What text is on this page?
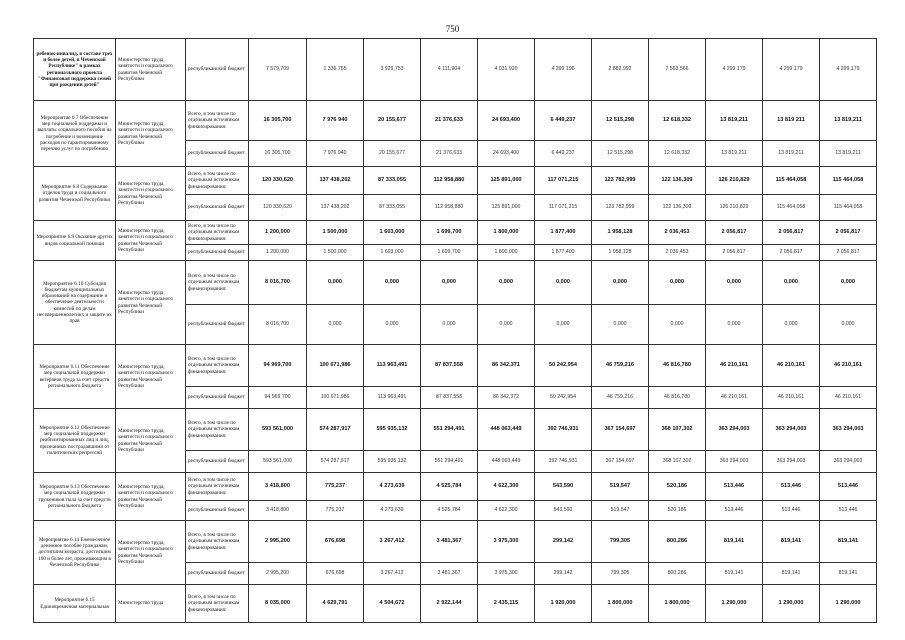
750
ребенок-инвалид, в составе трех и более детей, в Чеченской Республике" в рамках регионального проекта "Финансовая поддержка семей при рождении детей"	Министерство труда, занятости и социального развития Чеченской Республики	республиканский бюджет	7 579,709	1 336 765	3 929,753	4 111,904	4 031 920	4 299 196	2 882,992	7 563,566	4 299 179	4 299 179	4 299,179
Мероприятие 6.7 Обеспечение мер социальной поддержки и выплаты социального пособия на погребение и возмещение расходов по гарантированному перечню услуг по погребению	Министерство труда, занятости и социального развития Чеченской Республики	Всего, в том числе по отдельным источникам финансирования:	16 305,700	7 976 940	20 155,677	21 376,633	24 693,400	6 449,237	12 515,298	12 618,332	13 819,211	13 819 211	13 819,211
		республиканский бюджет	16 305,700	7 976 940	20 155,677	21 376,633	24 693,400	6 449,237	12 515,298	12 618,332	13 819,211	13 819,211	13 819,211
Мероприятие 6.8 Содержание отделов труда и социального развития Чеченской Республики	Министерство труда, занятости и социального развития Чеченской Республики	Всего, в том числе по отдельным источникам финансирования:	120 330,620	137 438,202	87 333,055	112 958,880	125 891,000	117 071,215	123 782,999	122 136,309	126 210,829	115 464,058	115 464,058
		республиканский бюджет	120 330,620	137 438,202	87 333,055	112 958,880	125 891,000	117 071,215	123 782,999	122 136,309	126 210,829	115 464,058	115 464,058
Мероприятие 6.9 Оказание других видов социальной помощи	Министерство труда, занятости и социального развития Чеченской Республики	Всего, в том числе по отдельным источникам финансирования:	1 200,000	1 500,000	1 603,000	1 699,700	1 800,000	1 877,400	1 958,128	2 036,453	2 056,817	2 056,817	2 056,817
		республиканский бюджет	1 200,000	1 500,000	1 603,000	1 699,700	1 800,000	1 877,400	1 958,128	2 036,453	2 056,817	2 056,817	2 056,817
Мероприятие 6.10 Субсидия бюджетам муниципальных образований на содержание и обеспечение деятельности комиссий по делам несовершеннолетних и защите их прав	Министерство труда, занятости и социального развития Чеченской Республики	Всего, в том числе по отдельным источникам финансирования:	8 016,700	0,000	0,000	0,000	0,000	0,000	0,000	0,000	0,000	0,000	0,000
		республиканский бюджет	8 016,700	0,000	0,000	0,000	0,000	0,000	0,000	0,000	0,000	0,000	0,000
Мероприятие 6.11 Обеспечение мер социальной поддержки ветеранов труда за счет средств регионального бюджета	Министерство труда, занятости и социального развития Чеченской Республики	Всего, в том числе по отдельным источникам финансирования:	94 969,700	100 671,986	113 963,491	87 837,558	86 342,371	50 242,954	46 759,216	46 816,780	46 210,161	46 210,161	46 210,161
		республиканский бюджет	94 969,700	100 671,986	113 963,491	87 837,558	86 342,372	50 242,954	46 759,216	46 816,780	46 210,161	46 210,161	46 210,161
Мероприятие 6.12 Обеспечение мер социальной поддержки реабилитированных лиц и лиц, признанных пострадавшими от политических репрессий	Министерство труда, занятости и социального развития Чеченской Республики	Всего, в том числе по отдельным источникам финансирования:	593 561,000	574 287,917	595 935,132	551 294,491	448 063,449	392 746,931	367 154,697	368 107,302	363 294,003	363 294,003	363 294,003
		республиканский бюджет	593 561,000	574 287,917	595 935,132	551 294,491	448 063,449	392 746,931	367 154,697	368 107,302	363 294,003	363 294,003	363 294,003
Мероприятие 6.13 Обеспечение мер социальной поддержки тружеников тыла за счет средств регионального бюджета	Министерство труда, занятости и социального развития Чеченской Республики	Всего, в том числе по отдельным источникам финансирования:	3 418,800	775,237	4 273,639	4 525,784	4 622,300	543,590	519,547	520,186	513,446	513,446	513,446
		республиканский бюджет	3 418,800	775,237	4 273,639	4 525,784	4 622,300	543,590	519,547	520,186	513,446	513,446	513,446
Мероприятие 6.14 Ежемесячное денежное пособие гражданам, достигшим возраста, достигшим 100 и более лет, проживающим в Чеченской Республике	Министерство труда, занятости и социального развития Чеченской Республики	Всего, в том числе по отдельным источникам финансирования:	2 995,200	676,698	3 267,412	3 481,367	3 975,300	299,142	799,305	800,286	819,141	819,141	819,141
		республиканский бюджет	2 995,200	676,698	3 267,412	3 481,367	3 975,300	299,142	799,305	800,286	819,141	819,141	819,141
Мероприятие 6.15 Единовременная материальная	Министерство труда	Всего, в том числе по отдельным источникам финансирования:	8 035,000	4 629,791	4 504,672	2 922,144	2 435,115	1 920,000	1 800,000	1 800,000	1 290,000	1 290,000	1 290,000
